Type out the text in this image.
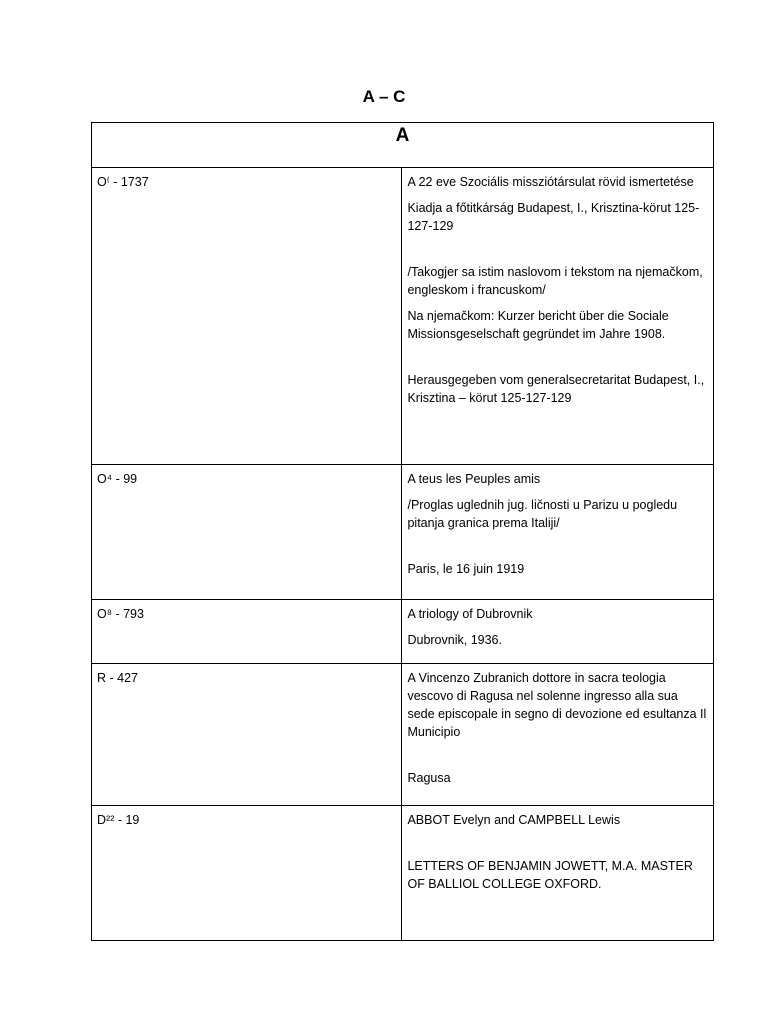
A – C
A	

O⁽ - 1737	A 22 eve Szociális missziótársulat rövid ismertetése
Kiadja a főtitkárság Budapest, I., Krisztina-körut 125-127-129
/Takogjer sa istim naslovom i tekstom na njemačkom, engleskom i francuskom/
Na njemačkom: Kurzer bericht über die Sociale Missionsgeselschaft gegründet im Jahre 1908.
Herausgegeben vom generalsecretaritat Budapest, I., Krisztina – körut 125-127-129

O⁴ - 99	A teus les Peuples amis
/Proglas uglednih jug. ličnosti u Parizu u pogledu pitanja granica prema Italiji/
Paris, le 16 juin 1919

O⁸ - 793	A triology of Dubrovnik
Dubrovnik, 1936.

R - 427	A Vincenzo Zubranich dottore in sacra teologia vescovo di Ragusa nel solenne ingresso alla sua sede episcopale in segno di devozione ed esultanza Il Municipio
Ragusa

D²² - 19	ABBOT Evelyn and CAMPBELL Lewis
LETTERS OF BENJAMIN JOWETT, M.A. MASTER OF BALLIOL COLLEGE OXFORD.
